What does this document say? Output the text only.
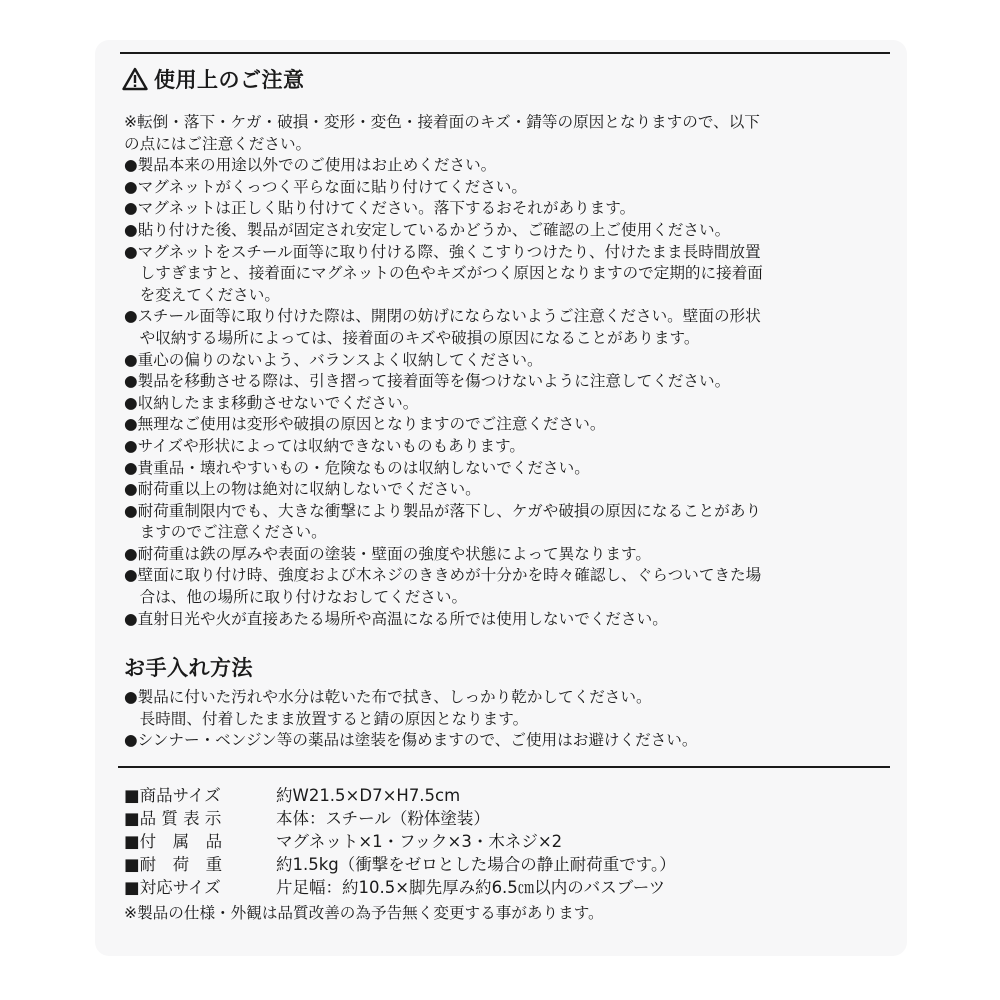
使用上のご注意
※転倒・落下・ケガ・破損・変形・変色・接着面のキズ・錆等の原因となりますので、以下
の点にはご注意ください。
●製品本来の用途以外でのご使用はお止めください。
●マグネットがくっつく平らな面に貼り付けてください。
●マグネットは正しく貼り付けてください。落下するおそれがあります。
●貼り付けた後、製品が固定され安定しているかどうか、ご確認の上ご使用ください。
●マグネットをスチール面等に取り付ける際、強くこすりつけたり、付けたまま長時間放置
　しすぎますと、接着面にマグネットの色やキズがつく原因となりますので定期的に接着面
　を変えてください。
●スチール面等に取り付けた際は、開閉の妨げにならないようご注意ください。壁面の形状
　や収納する場所によっては、接着面のキズや破損の原因になることがあります。
●重心の偏りのないよう、バランスよく収納してください。
●製品を移動させる際は、引き摺って接着面等を傷つけないように注意してください。
●収納したまま移動させないでください。
●無理なご使用は変形や破損の原因となりますのでご注意ください。
●サイズや形状によっては収納できないものもあります。
●貴重品・壊れやすいもの・危険なものは収納しないでください。
●耐荷重以上の物は絶対に収納しないでください。
●耐荷重制限内でも、大きな衝撃により製品が落下し、ケガや破損の原因になることがあり
　ますのでご注意ください。
●耐荷重は鉄の厚みや表面の塗装・壁面の強度や状態によって異なります。
●壁面に取り付け時、強度および木ネジのききめが十分かを時々確認し、ぐらついてきた場
　合は、他の場所に取り付けなおしてください。
●直射日光や火が直接あたる場所や高温になる所では使用しないでください。
お手入れ方法
●製品に付いた汚れや水分は乾いた布で拭き、しっかり乾かしてください。
　長時間、付着したまま放置すると錆の原因となります。
●シンナー・ベンジン等の薬品は塗装を傷めますので、ご使用はお避けください。
■商品サイズ	約W21.5×D7×H7.5cm
■品 質 表 示	本体：スチール（粉体塗装）
■付　属　品	マグネット×1・フック×3・木ネジ×2
■耐　荷　重	約1.5kg（衝撃をゼロとした場合の静止耐荷重です。）
■対応サイズ	片足幅：約10.5×脚先厚み約6.5㎝以内のバスブーツ
※製品の仕様・外観は品質改善の為予告無く変更する事があります。
